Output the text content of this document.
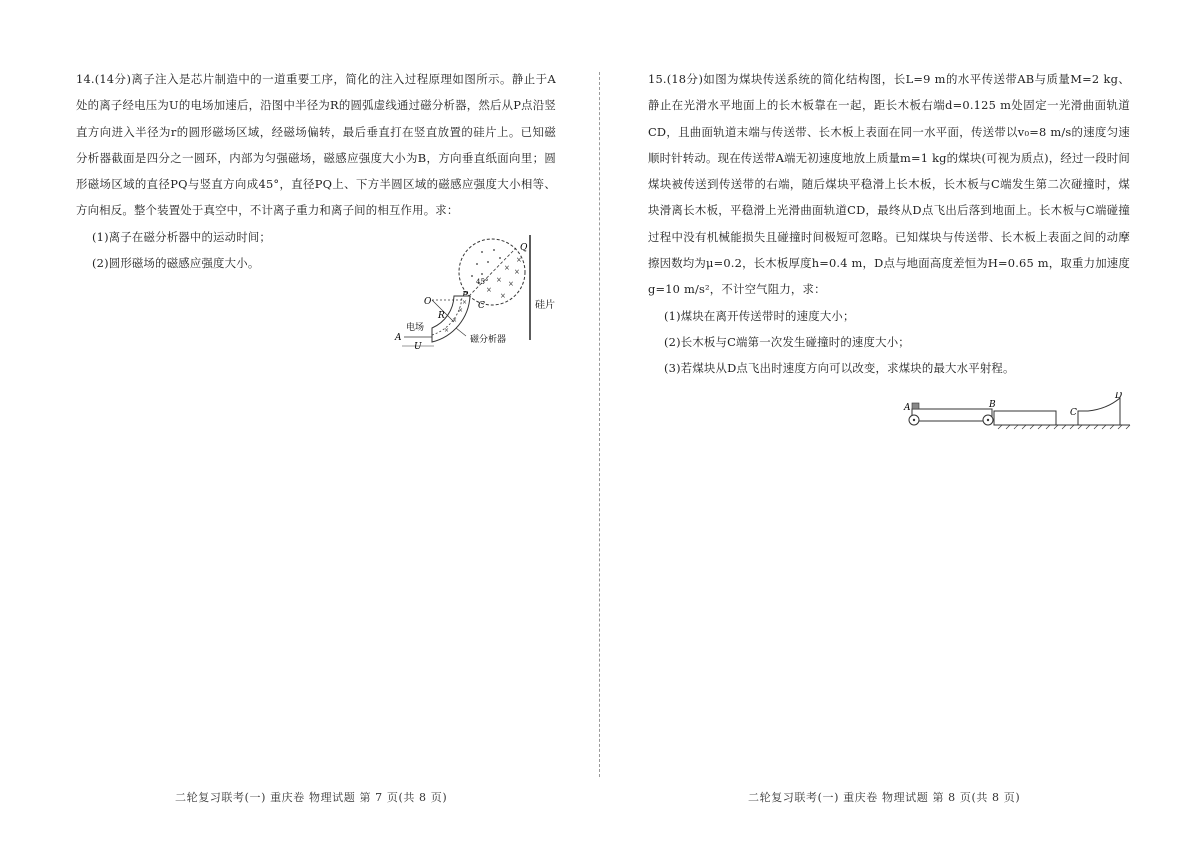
14.(14分)离子注入是芯片制造中的一道重要工序，简化的注入过程原理如图所示。静止于A处的离子经电压为U的电场加速后，沿图中半径为R的圆弧虚线通过磁分析器，然后从P点沿竖直方向进入半径为r的圆形磁场区域，经磁场偏转，最后垂直打在竖直放置的硅片上。已知磁分析器截面是四分之一圆环，内部为匀强磁场，磁感应强度大小为B，方向垂直纸面向里；圆形磁场区域的直径PQ与竖直方向成45°，直径PQ上、下方半圆区域的磁感应强度大小相等、方向相反。整个装置处于真空中，不计离子重力和离子间的相互作用。求：

(1)离子在磁分析器中的运动时间；

(2)圆形磁场的磁感应强度大小。

硅片
× ×
× ×
×
×
×
Q
45°
C
×
×
×
×
O
R
电场
A
U
磁分析器
二轮复习联考(一) 重庆卷 物理试题 第 7 页(共 8 页)

15.(18分)如图为煤块传送系统的简化结构图，长L=9 m的水平传送带AB与质量M=2 kg、静止在光滑水平地面上的长木板靠在一起，距长木板右端d=0.125 m处固定一光滑曲面轨道CD，且曲面轨道末端与传送带、长木板上表面在同一水平面，传送带以v₀=8 m/s的速度匀速顺时针转动。现在传送带A端无初速度地放上质量m=1 kg的煤块(可视为质点)，经过一段时间煤块被传送到传送带的右端，随后煤块平稳滑上长木板，长木板与C端发生第二次碰撞时，煤块滑离长木板，平稳滑上光滑曲面轨道CD，最终从D点飞出后落到地面上。长木板与C端碰撞过程中没有机械能损失且碰撞时间极短可忽略。已知煤块与传送带、长木板上表面之间的动摩擦因数均为μ=0.2，长木板厚度h=0.4 m，D点与地面高度差恒为H=0.65 m，取重力加速度g=10 m/s²，不计空气阻力，求：

(1)煤块在离开传送带时的速度大小；

(2)长木板与C端第一次发生碰撞时的速度大小；

(3)若煤块从D点飞出时速度方向可以改变，求煤块的最大水平射程。

A	B
C
D
二轮复习联考(一) 重庆卷 物理试题 第 8 页(共 8 页)
